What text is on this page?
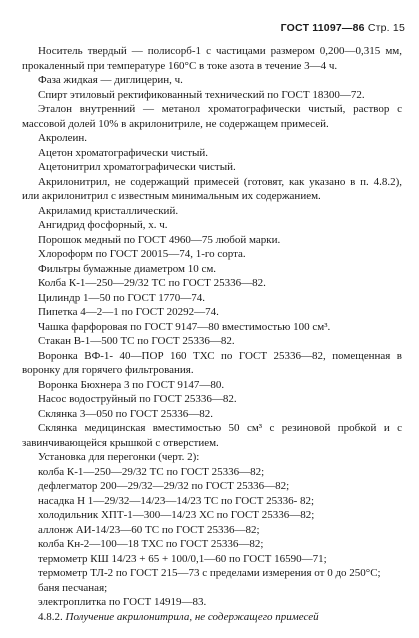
ГОСТ 11097—86 Стр. 15

Носитель твердый — полисорб-1 с частицами размером 0,200—0,315 мм, прокаленный при температуре 160°С в токе азота в течение 3—4 ч.

Фаза жидкая — диглицерин, ч.

Спирт этиловый ректификованный технический по ГОСТ 18300—72.

Эталон внутренний — метанол хроматографически чистый, раствор с массовой долей 10% в акрилонитриле, не содержащем примесей.

Акролеин.

Ацетон хроматографически чистый.

Ацетонитрил хроматографически чистый.

Акрилонитрил, не содержащий примесей (готовят, как указано в п. 4.8.2), или акрилонитрил с известным минимальным их содержанием.

Акриламид кристаллический.

Ангидрид фосфорный, х. ч.

Порошок медный по ГОСТ 4960—75 любой марки.

Хлороформ по ГОСТ 20015—74, 1-го сорта.

Фильтры бумажные диаметром 10 см.

Колба К-1—250—29/32 ТС по ГОСТ 25336—82.

Цилиндр 1—50 по ГОСТ 1770—74.

Пипетка 4—2—1 по ГОСТ 20292—74.

Чашка фарфоровая по ГОСТ 9147—80 вместимостью 100 см³.

Стакан В-1—500 ТС по ГОСТ 25336—82.

Воронка ВФ-1- 40—ПОР 160 ТХС по ГОСТ 25336—82, помещенная в воронку для горячего фильтрования.

Воронка Бюхнера 3 по ГОСТ 9147—80.

Насос водоструйный по ГОСТ 25336—82.

Склянка 3—050 по ГОСТ 25336—82.

Склянка медицинская вместимостью 50 см³ с резиновой пробкой и с завинчивающейся крышкой с отверстием.

Установка для перегонки (черт. 2):

колба К-1—250—29/32 ТС по ГОСТ 25336—82;

дефлегматор 200—29/32—29/32 по ГОСТ 25336—82;

насадка Н 1—29/32—14/23—14/23 ТС по ГОСТ 25336- 82;

холодильник ХПТ-1—300—14/23 ХС по ГОСТ 25336—82;

аллонж АИ-14/23—60 ТС по ГОСТ 25336—82;

колба Кн-2—100—18 ТХС по ГОСТ 25336—82;

термометр КШ 14/23 + 65 + 100/0,1—60 по ГОСТ 16590—71;

термометр ТЛ-2 по ГОСТ 215—73 с пределами измерения от 0 до 250°С;

баня песчаная;

электроплитка по ГОСТ 14919—83.

4.8.2. Получение акрилонитрила, не содержащего примесей
